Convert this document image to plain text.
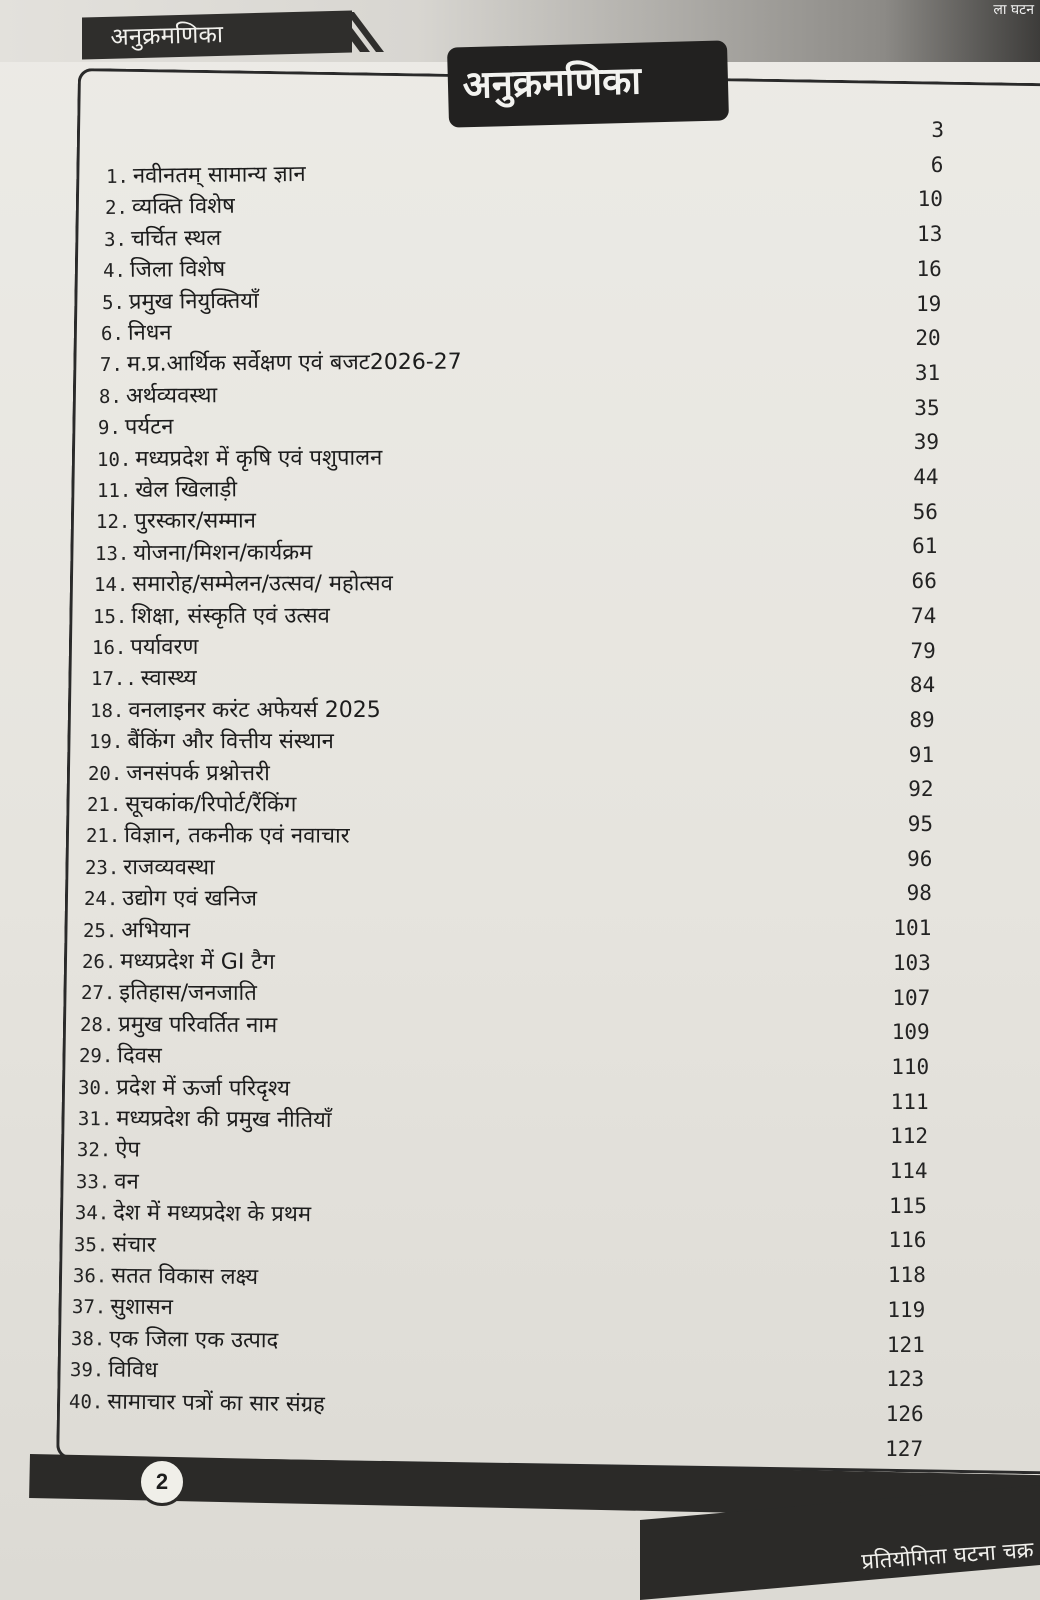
अनुक्रमणिका
ला घटन
अनुक्रमणिका
1. नवीनतम् सामान्य ज्ञान
2. व्यक्ति विशेष
3. चर्चित स्थल
4. जिला विशेष
5. प्रमुख नियुक्तियाँ
6. निधन
7. म.प्र.आर्थिक सर्वेक्षण एवं बजट2026-27
8. अर्थव्यवस्था
9. पर्यटन
10. मध्यप्रदेश में कृषि एवं पशुपालन
11. खेल खिलाड़ी
12. पुरस्कार/सम्मान
13. योजना/मिशन/कार्यक्रम
14. समारोह/सम्मेलन/उत्सव/ महोत्सव
15. शिक्षा, संस्कृति एवं उत्सव
16. पर्यावरण
17.. स्वास्थ्य
18. वनलाइनर करंट अफेयर्स 2025
19. बैंकिंग और वित्तीय संस्थान
20. जनसंपर्क प्रश्नोत्तरी
21. सूचकांक/रिपोर्ट/रैंकिंग
21. विज्ञान, तकनीक एवं नवाचार
23. राजव्यवस्था
24. उद्योग एवं खनिज
25. अभियान
26. मध्यप्रदेश में GI टैग
27. इतिहास/जनजाति
28. प्रमुख परिवर्तित नाम
29. दिवस
30. प्रदेश में ऊर्जा परिदृश्य
31. मध्यप्रदेश की प्रमुख नीतियाँ
32. ऐप
33. वन
34. देश में मध्यप्रदेश के प्रथम
35. संचार
36. सतत विकास लक्ष्य
37. सुशासन
38. एक जिला एक उत्पाद
39. विविध
40. सामाचार पत्रों का सार संग्रह
3
6
10
13
16
19
20
31
35
39
44
56
61
66
74
79
84
89
91
92
95
96
98
101
103
107
109
110
111
112
114
115
116
118
119
121
123
126
127
2
प्रतियोगिता घटना चक्र
